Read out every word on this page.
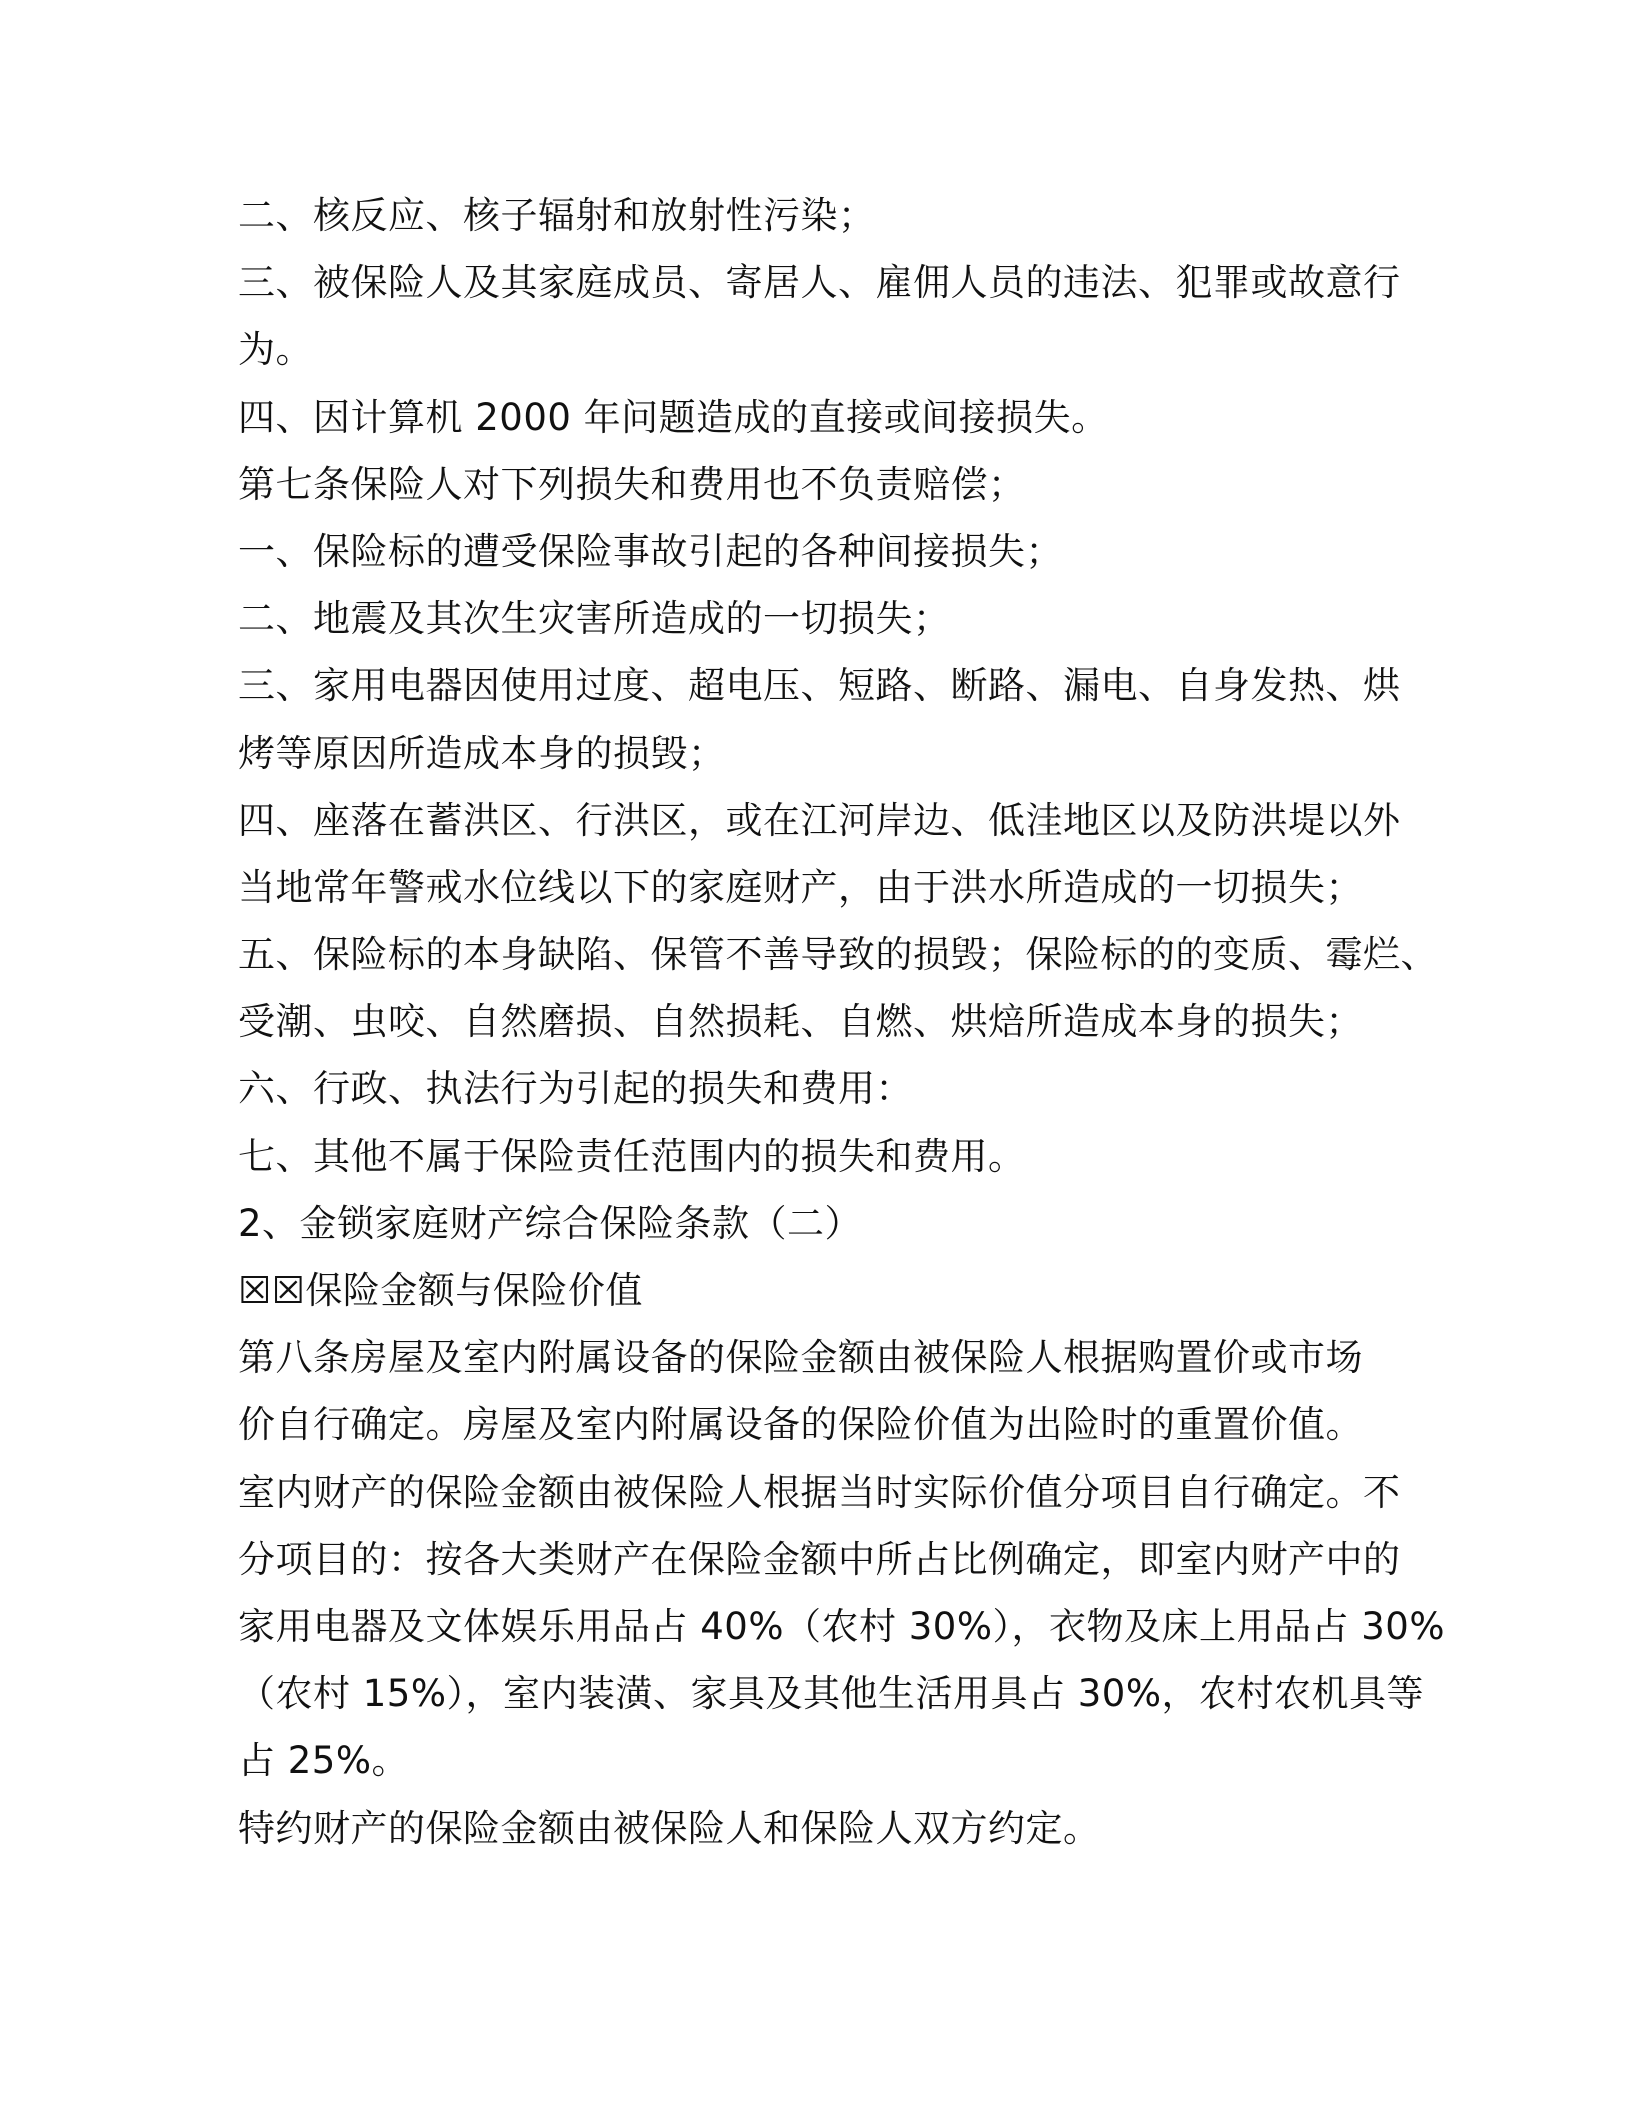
二、核反应、核子辐射和放射性污染；
三、被保险人及其家庭成员、寄居人、雇佣人员的违法、犯罪或故意行
为。
四、因计算机 2000 年问题造成的直接或间接损失。
第七条保险人对下列损失和费用也不负责赔偿；
一、保险标的遭受保险事故引起的各种间接损失；
二、地震及其次生灾害所造成的一切损失；
三、家用电器因使用过度、超电压、短路、断路、漏电、自身发热、烘
烤等原因所造成本身的损毁；
四、座落在蓄洪区、行洪区，或在江河岸边、低洼地区以及防洪堤以外
当地常年警戒水位线以下的家庭财产，由于洪水所造成的一切损失；
五、保险标的本身缺陷、保管不善导致的损毁；保险标的的变质、霉烂、
受潮、虫咬、自然磨损、自然损耗、自燃、烘焙所造成本身的损失；
六、行政、执法行为引起的损失和费用：
七、其他不属于保险责任范围内的损失和费用。
2、金锁家庭财产综合保险条款（二）
☒☒保险金额与保险价值
第八条房屋及室内附属设备的保险金额由被保险人根据购置价或市场
价自行确定。房屋及室内附属设备的保险价值为出险时的重置价值。
室内财产的保险金额由被保险人根据当时实际价值分项目自行确定。不
分项目的：按各大类财产在保险金额中所占比例确定，即室内财产中的
家用电器及文体娱乐用品占 40%（农村 30%），衣物及床上用品占 30%
（农村 15%），室内装潢、家具及其他生活用具占 30%，农村农机具等
占 25%。
特约财产的保险金额由被保险人和保险人双方约定。
